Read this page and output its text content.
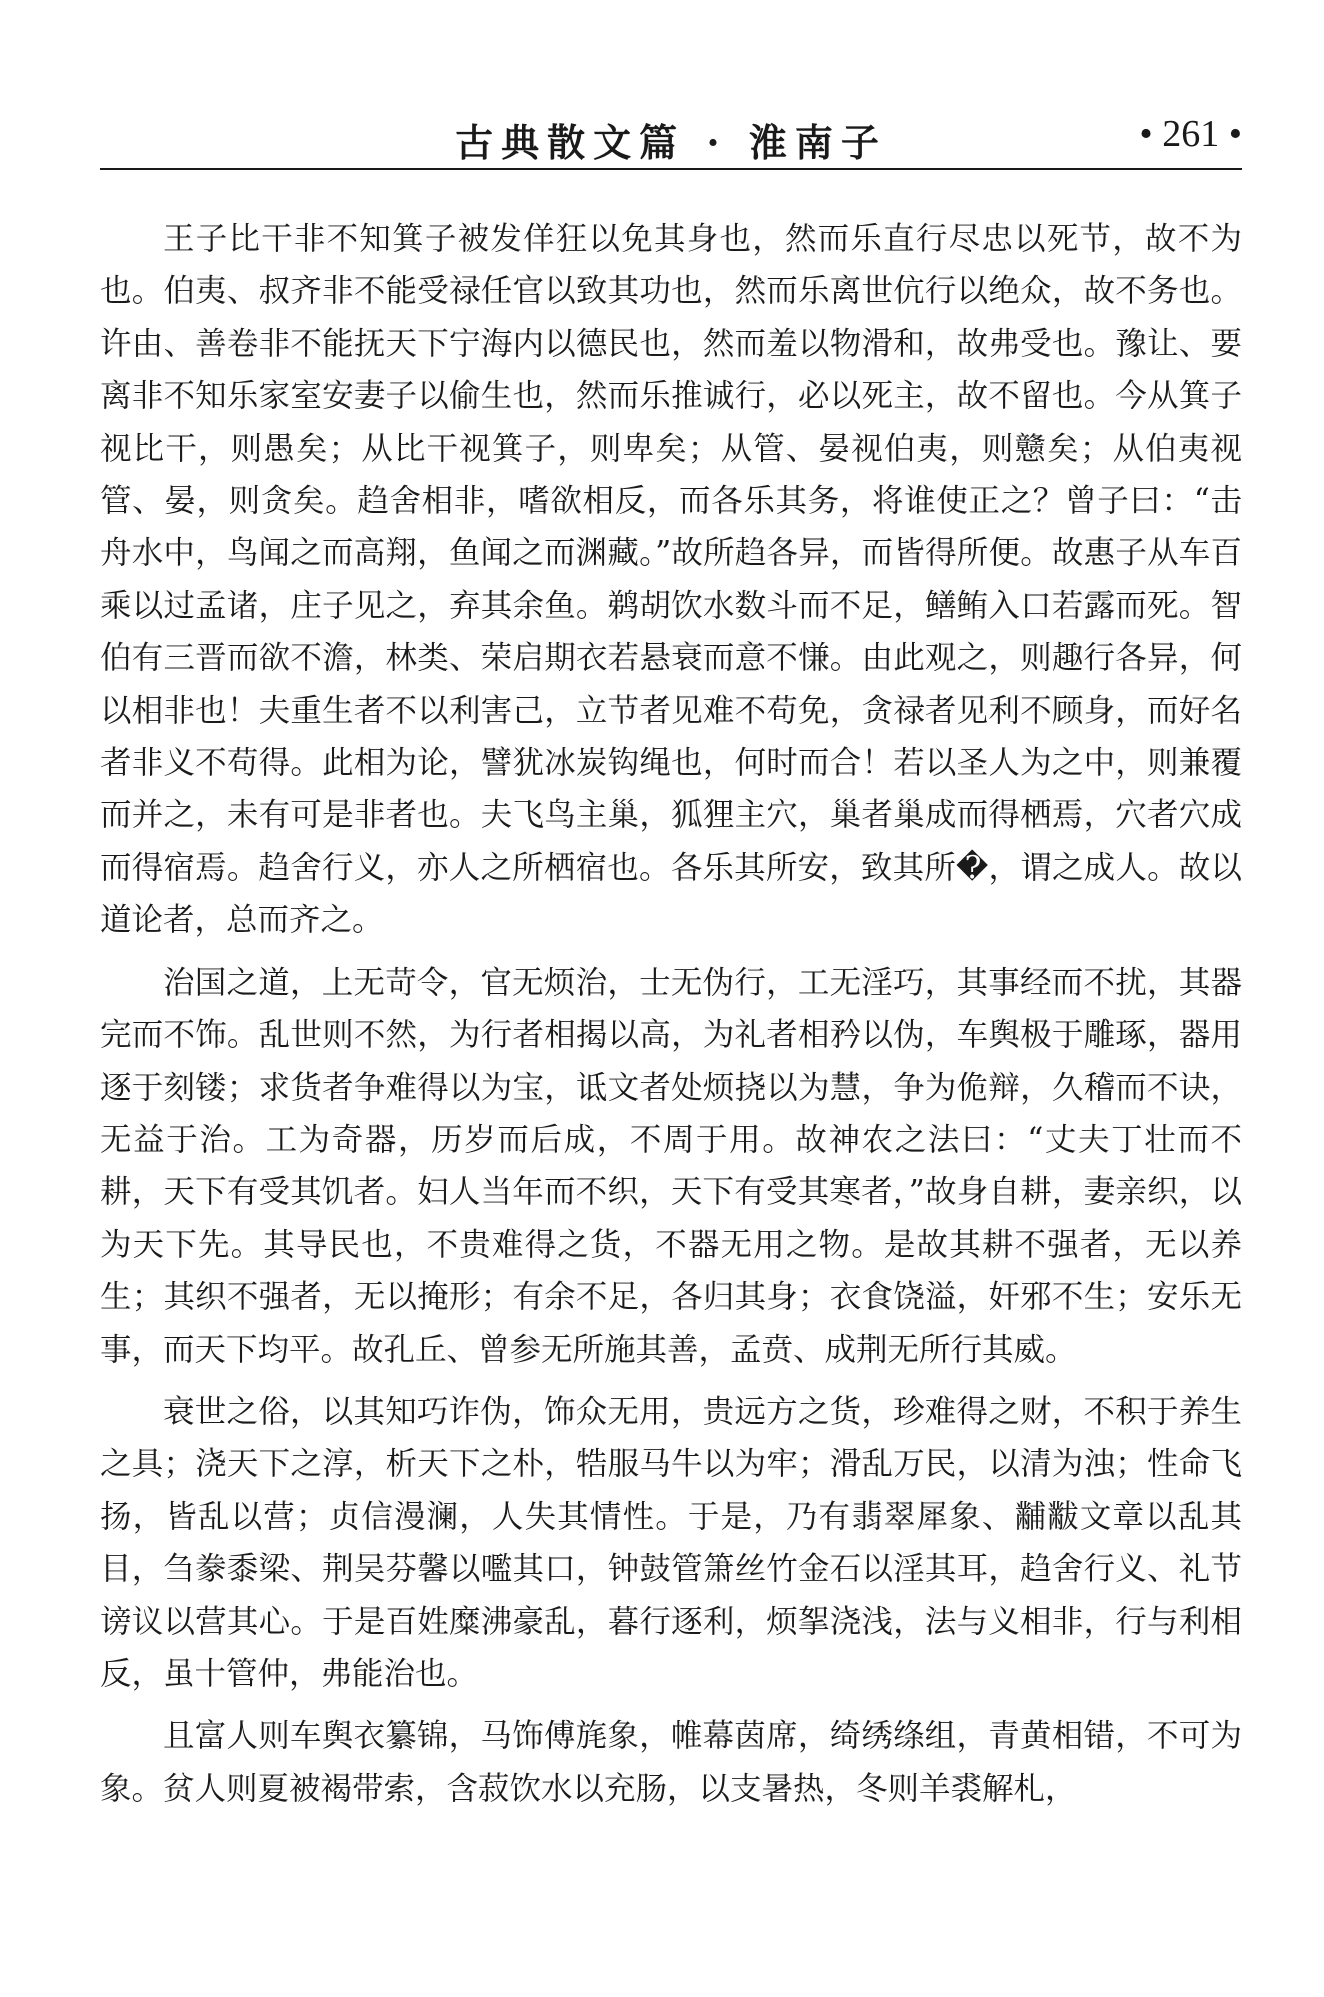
古典散文篇 · 淮南子	• 261 •

王子比干非不知箕子被发佯狂以免其身也，然而乐直行尽忠以死节，故不为也。伯夷、叔齐非不能受禄任官以致其功也，然而乐离世伉行以绝众，故不务也。许由、善卷非不能抚天下宁海内以德民也，然而羞以物滑和，故弗受也。豫让、要离非不知乐家室安妻子以偷生也，然而乐推诚行，必以死主，故不留也。今从箕子视比干，则愚矣；从比干视箕子，则卑矣；从管、晏视伯夷，则戆矣；从伯夷视管、晏，则贪矣。趋舍相非，嗜欲相反，而各乐其务，将谁使正之？曾子曰：“击舟水中，鸟闻之而高翔，鱼闻之而渊藏。”故所趋各异，而皆得所便。故惠子从车百乘以过孟诸，庄子见之，弃其余鱼。鹈胡饮水数斗而不足，鳝鲔入口若露而死。智伯有三晋而欲不澹，林类、荣启期衣若悬衰而意不慊。由此观之，则趣行各异，何以相非也！夫重生者不以利害己，立节者见难不苟免，贪禄者见利不顾身，而好名者非义不苟得。此相为论，譬犹冰炭钩绳也，何时而合！若以圣人为之中，则兼覆而并之，未有可是非者也。夫飞鸟主巢，狐狸主穴，巢者巢成而得栖焉，穴者穴成而得宿焉。趋舍行义，亦人之所栖宿也。各乐其所安，致其所�，谓之成人。故以道论者，总而齐之。

治国之道，上无苛令，官无烦治，士无伪行，工无淫巧，其事经而不扰，其器完而不饰。乱世则不然，为行者相揭以高，为礼者相矜以伪，车舆极于雕琢，器用逐于刻镂；求货者争难得以为宝，诋文者处烦挠以为慧，争为佹辩，久稽而不诀，无益于治。工为奇器，历岁而后成，不周于用。故神农之法曰：“丈夫丁壮而不耕，天下有受其饥者。妇人当年而不织，天下有受其寒者，”故身自耕，妻亲织，以为天下先。其导民也，不贵难得之货，不器无用之物。是故其耕不强者，无以养生；其织不强者，无以掩形；有余不足，各归其身；衣食饶溢，奸邪不生；安乐无事，而天下均平。故孔丘、曾参无所施其善，孟贲、成荆无所行其威。

衰世之俗，以其知巧诈伪，饰众无用，贵远方之货，珍难得之财，不积于养生之具；浇天下之淳，析天下之朴，牿服马牛以为牢；滑乱万民，以清为浊；性命飞扬，皆乱以营；贞信漫澜，人失其情性。于是，乃有翡翠犀象、黼黻文章以乱其目，刍豢黍梁、荆吴芬馨以嚂其口，钟鼓管箫丝竹金石以淫其耳，趋舍行义、礼节谤议以营其心。于是百姓糜沸豪乱，暮行逐利，烦挐浇浅，法与义相非，行与利相反，虽十管仲，弗能治也。

且富人则车舆衣纂锦，马饰傅旄象，帷幕茵席，绮绣绦组，青黄相错，不可为象。贫人则夏被褐带索，含菽饮水以充肠，以支暑热，冬则羊裘解札，
